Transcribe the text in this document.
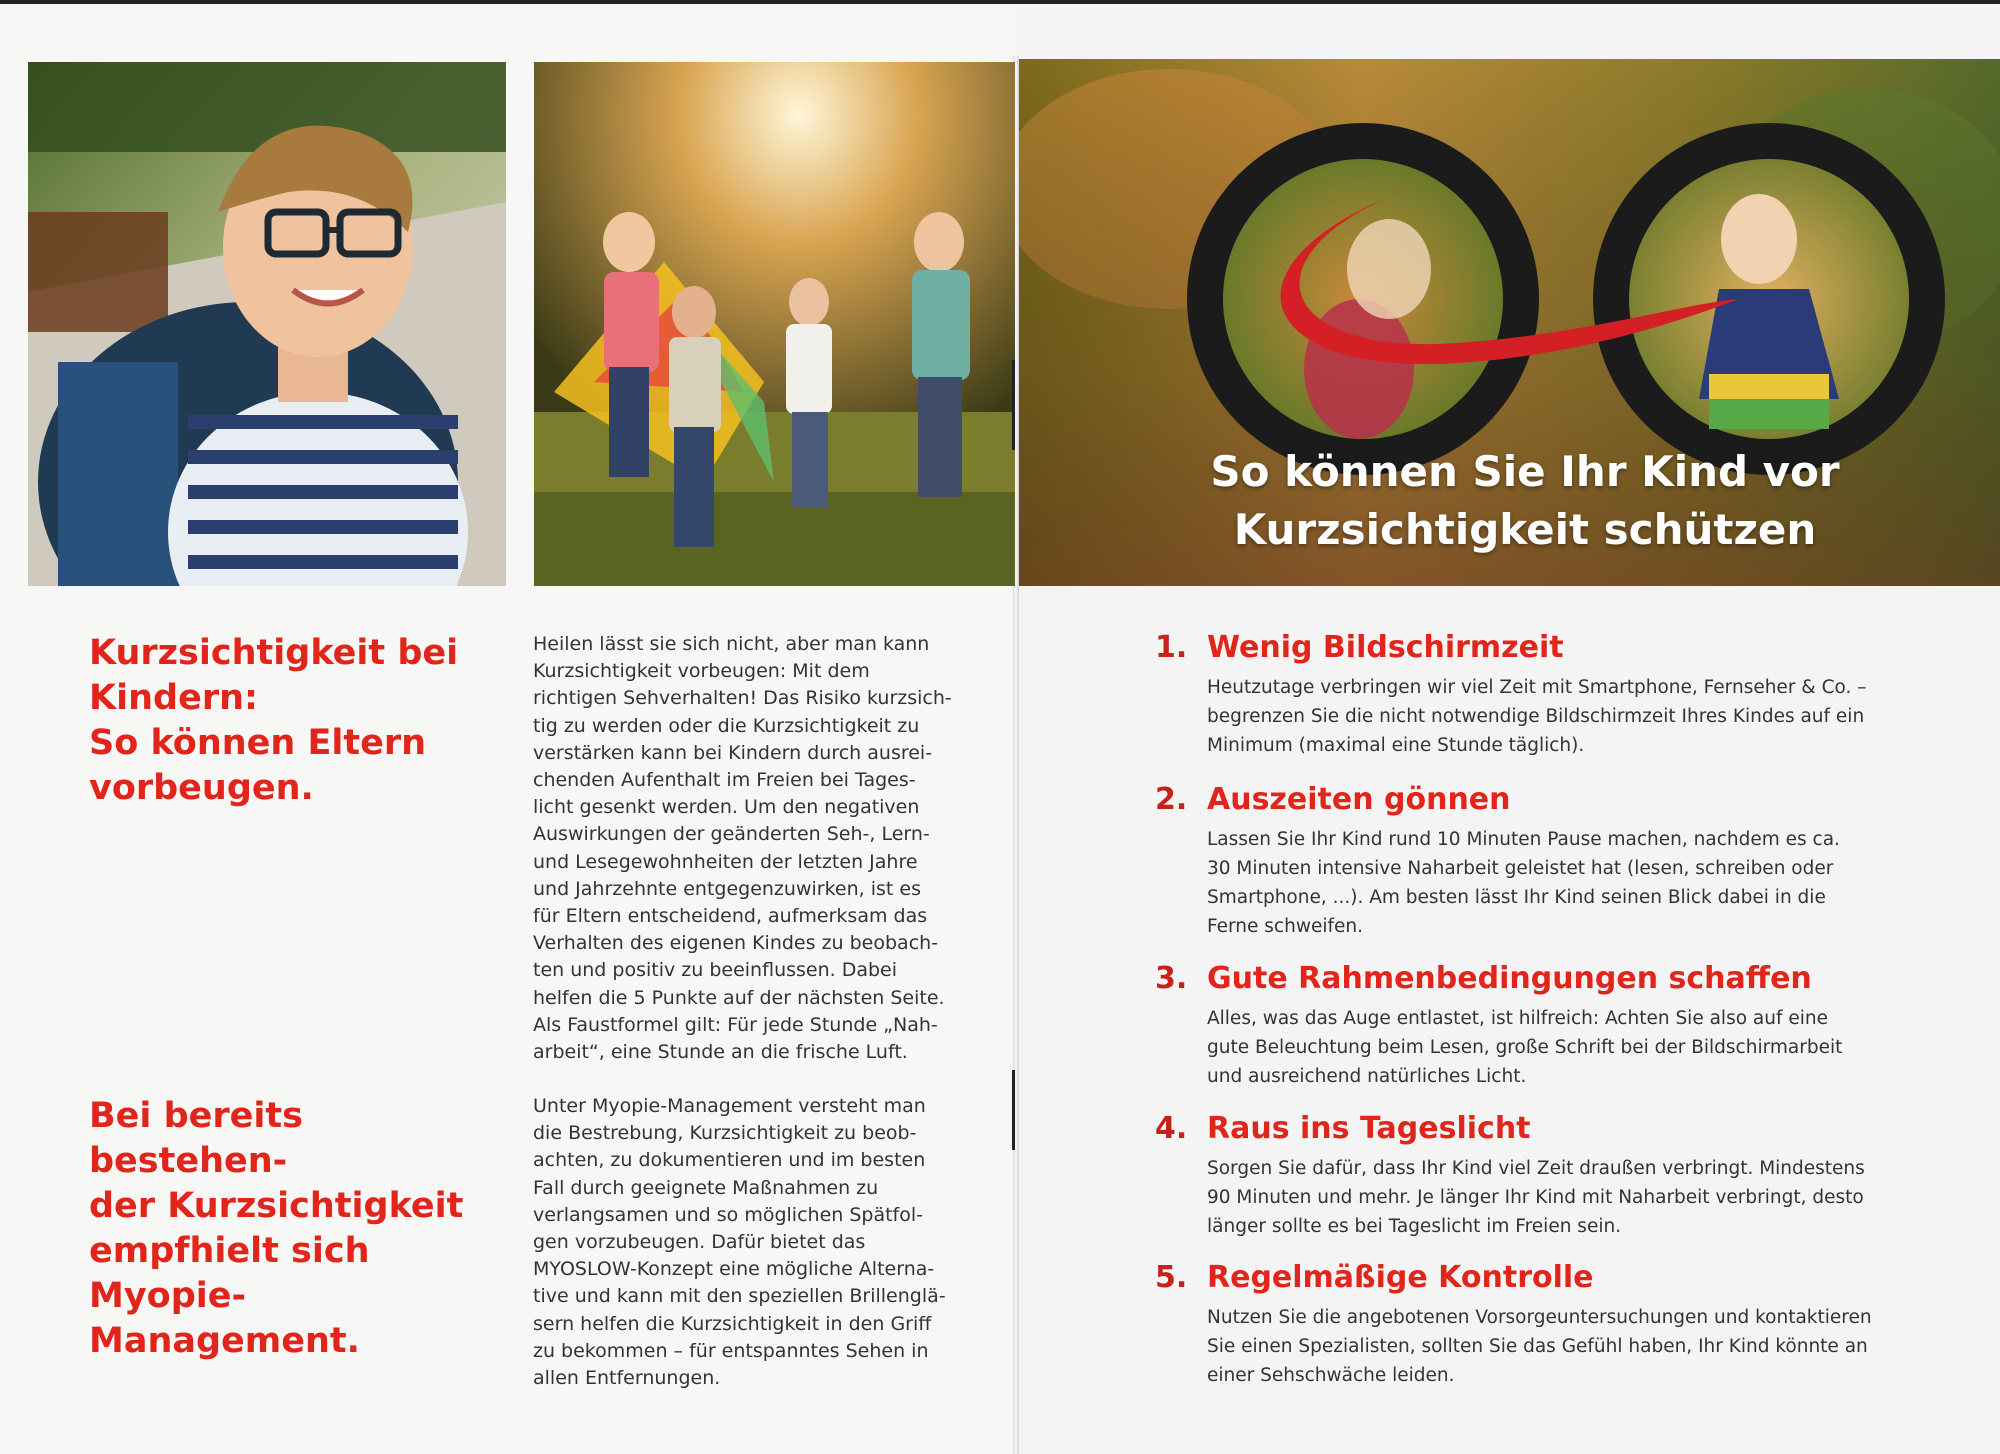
So können Sie Ihr Kind vor
Kurzsichtigkeit schützen
Kurzsichtigkeit bei
Kindern:
So können Eltern
vorbeugen.
Bei bereits bestehen-
der Kurzsichtigkeit
empfhielt sich
Myopie-Management.

Heilen lässt sie sich nicht, aber man kann
Kurzsichtigkeit vorbeugen: Mit dem
richtigen Sehverhalten! Das Risiko kurzsich-
tig zu werden oder die Kurzsichtigkeit zu
verstärken kann bei Kindern durch ausrei-
chenden Aufenthalt im Freien bei Tages-
licht gesenkt werden. Um den negativen
Auswirkungen der geänderten Seh-, Lern-
und Lesegewohnheiten der letzten Jahre
und Jahrzehnte entgegenzuwirken, ist es
für Eltern entscheidend, aufmerksam das
Verhalten des eigenen Kindes zu beobach-
ten und positiv zu beeinflussen. Dabei
helfen die 5 Punkte auf der nächsten Seite.
Als Faustformel gilt: Für jede Stunde „Nah-
arbeit“, eine Stunde an die frische Luft.

Unter Myopie-Management versteht man
die Bestrebung, Kurzsichtigkeit zu beob-
achten, zu dokumentieren und im besten
Fall durch geeignete Maßnahmen zu
verlangsamen und so möglichen Spätfol-
gen vorzubeugen. Dafür bietet das
MYOSLOW-Konzept eine mögliche Alterna-
tive und kann mit den speziellen Brillenglä-
sern helfen die Kurzsichtigkeit in den Griff
zu bekommen – für entspanntes Sehen in
allen Entfernungen.

1. Wenig Bildschirmzeit

Heutzutage verbringen wir viel Zeit mit Smartphone, Fernseher & Co. –
begrenzen Sie die nicht notwendige Bildschirmzeit Ihres Kindes auf ein
Minimum (maximal eine Stunde täglich).

2. Auszeiten gönnen

Lassen Sie Ihr Kind rund 10 Minuten Pause machen, nachdem es ca.
30 Minuten intensive Naharbeit geleistet hat (lesen, schreiben oder
Smartphone, ...). Am besten lässt Ihr Kind seinen Blick dabei in die
Ferne schweifen.

3. Gute Rahmenbedingungen schaffen

Alles, was das Auge entlastet, ist hilfreich: Achten Sie also auf eine
gute Beleuchtung beim Lesen, große Schrift bei der Bildschirmarbeit
und ausreichend natürliches Licht.

4. Raus ins Tageslicht

Sorgen Sie dafür, dass Ihr Kind viel Zeit draußen verbringt. Mindestens
90 Minuten und mehr. Je länger Ihr Kind mit Naharbeit verbringt, desto
länger sollte es bei Tageslicht im Freien sein.

5. Regelmäßige Kontrolle

Nutzen Sie die angebotenen Vorsorgeuntersuchungen und kontaktieren
Sie einen Spezialisten, sollten Sie das Gefühl haben, Ihr Kind könnte an
einer Sehschwäche leiden.
